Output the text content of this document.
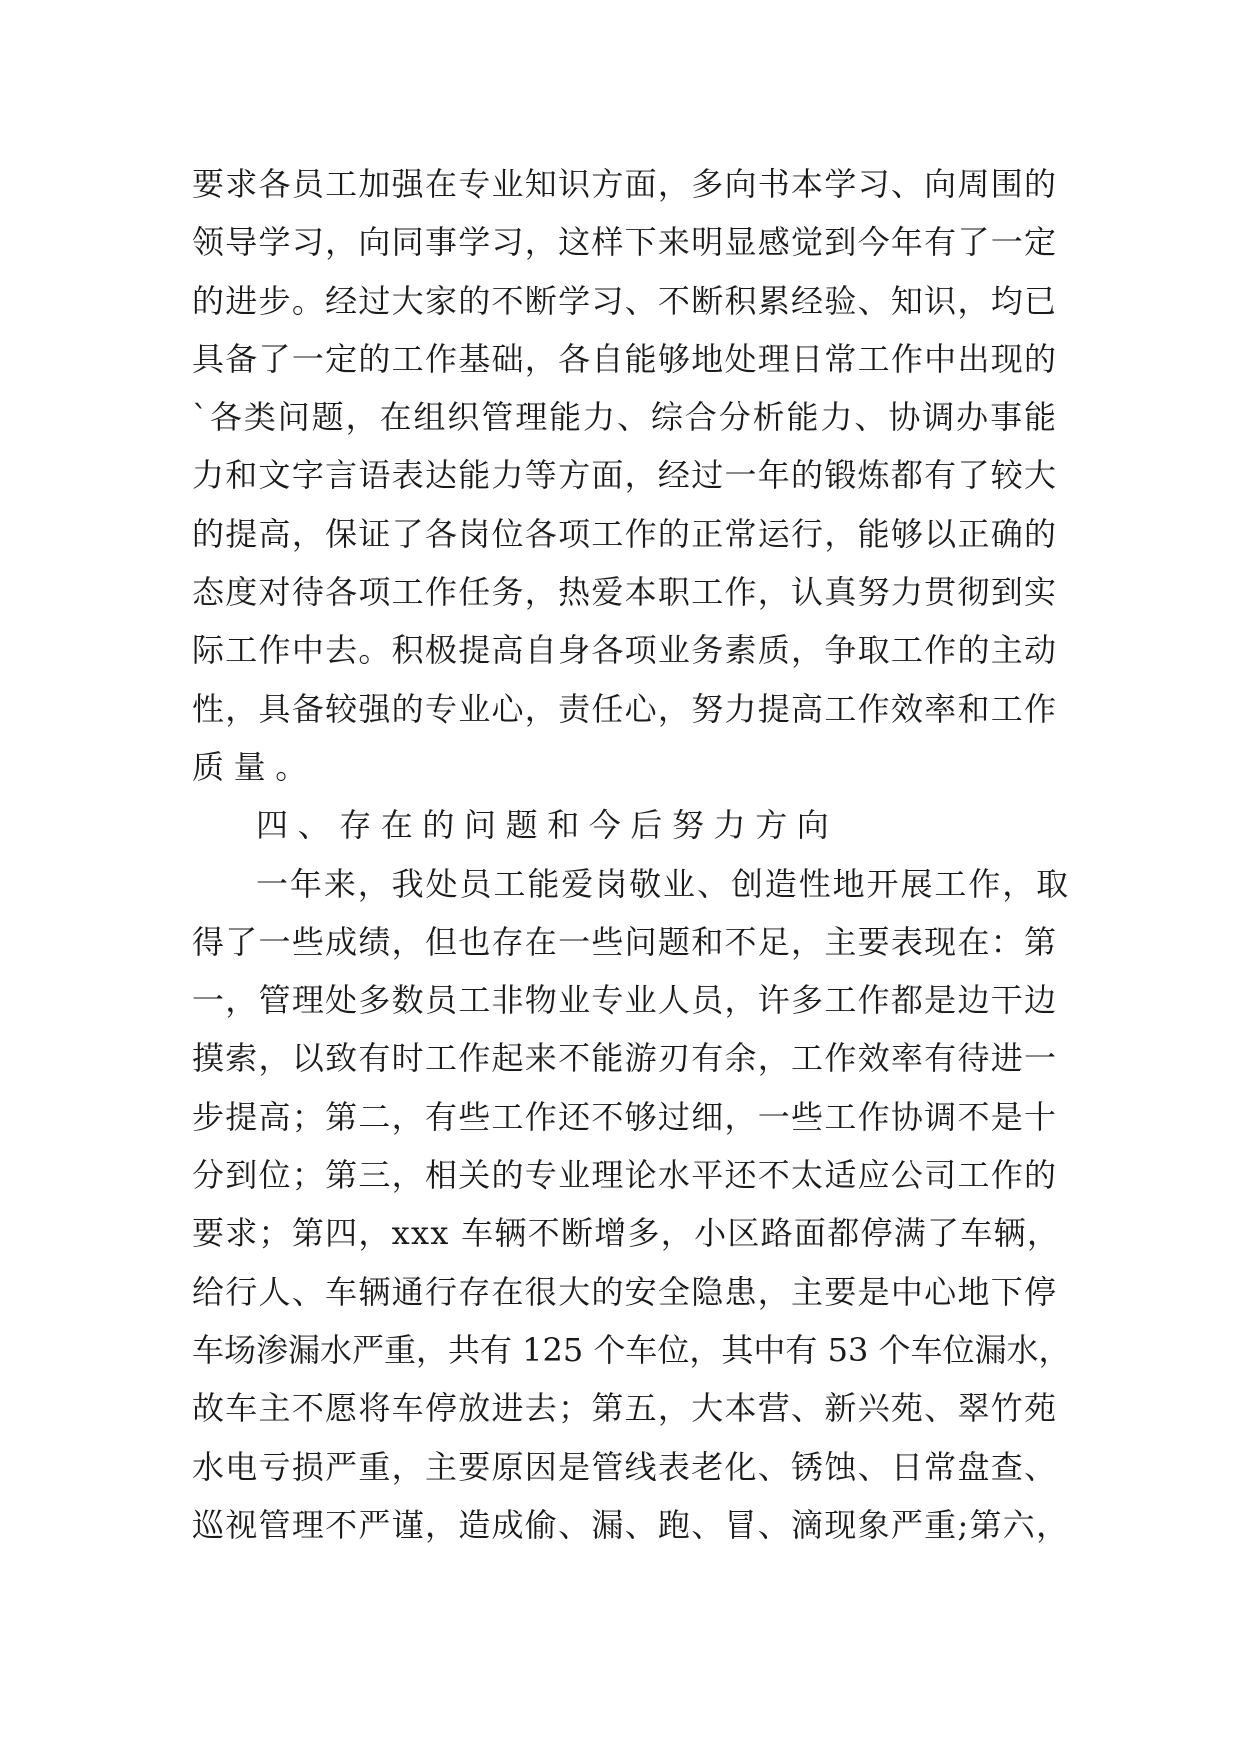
要求各员工加强在专业知识方面，多向书本学习、向周围的
领导学习，向同事学习，这样下来明显感觉到今年有了一定
的进步。经过大家的不断学习、不断积累经验、知识，均已
具备了一定的工作基础，各自能够地处理日常工作中出现的
`各类问题，在组织管理能力、综合分析能力、协调办事能
力和文字言语表达能力等方面，经过一年的锻炼都有了较大
的提高，保证了各岗位各项工作的正常运行，能够以正确的
态度对待各项工作任务，热爱本职工作，认真努力贯彻到实
际工作中去。积极提高自身各项业务素质，争取工作的主动
性，具备较强的专业心，责任心，努力提高工作效率和工作
质量。
四、存在的问题和今后努力方向
一年来，我处员工能爱岗敬业、创造性地开展工作，取
得了一些成绩，但也存在一些问题和不足，主要表现在：第
一，管理处多数员工非物业专业人员，许多工作都是边干边
摸索，以致有时工作起来不能游刃有余，工作效率有待进一
步提高；第二，有些工作还不够过细，一些工作协调不是十
分到位；第三，相关的专业理论水平还不太适应公司工作的
要求；第四，xxx 车辆不断增多，小区路面都停满了车辆，
给行人、车辆通行存在很大的安全隐患，主要是中心地下停
车场渗漏水严重，共有 125 个车位，其中有 53 个车位漏水，
故车主不愿将车停放进去；第五，大本营、新兴苑、翠竹苑
水电亏损严重，主要原因是管线表老化、锈蚀、日常盘查、
巡视管理不严谨，造成偷、漏、跑、冒、滴现象严重;第六，
